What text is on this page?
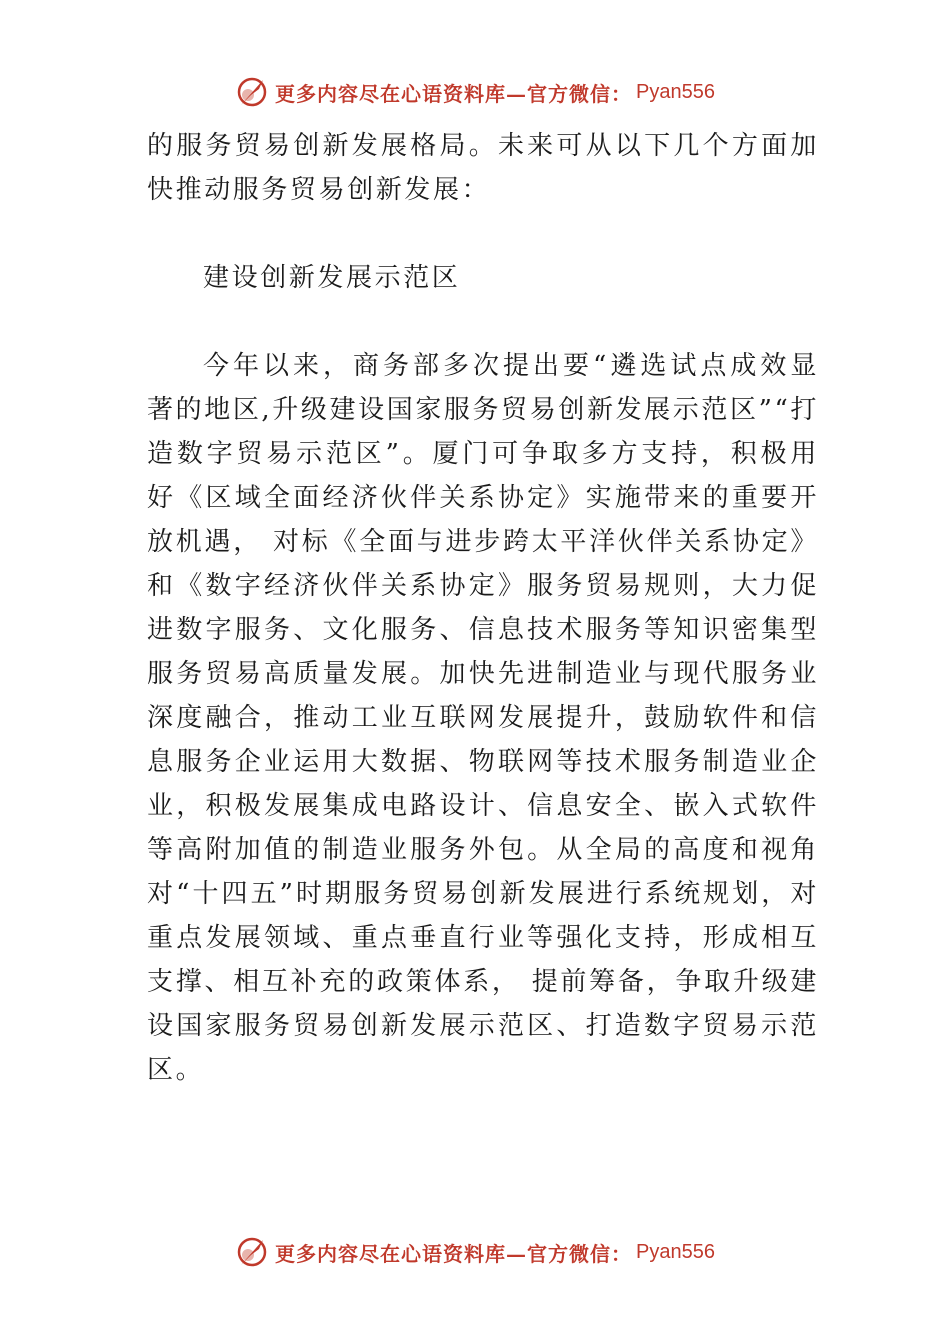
更多内容尽在心语资料库—官方微信： Pyan556

的服务贸易创新发展格局。未来可从以下几个方面加快推动服务贸易创新发展：

建设创新发展示范区

今年以来，商务部多次提出要“遴选试点成效显著的地区,升级建设国家服务贸易创新发展示范区”“打造数字贸易示范区”。厦门可争取多方支持，积极用好《区域全面经济伙伴关系协定》实施带来的重要开放机遇， 对标《全面与进步跨太平洋伙伴关系协定》和《数字经济伙伴关系协定》服务贸易规则，大力促进数字服务、文化服务、信息技术服务等知识密集型服务贸易高质量发展。加快先进制造业与现代服务业深度融合，推动工业互联网发展提升，鼓励软件和信息服务企业运用大数据、物联网等技术服务制造业企业，积极发展集成电路设计、信息安全、嵌入式软件等高附加值的制造业服务外包。从全局的高度和视角对“十四五”时期服务贸易创新发展进行系统规划，对重点发展领域、重点垂直行业等强化支持，形成相互支撑、相互补充的政策体系， 提前筹备，争取升级建设国家服务贸易创新发展示范区、打造数字贸易示范区。

更多内容尽在心语资料库—官方微信： Pyan556
